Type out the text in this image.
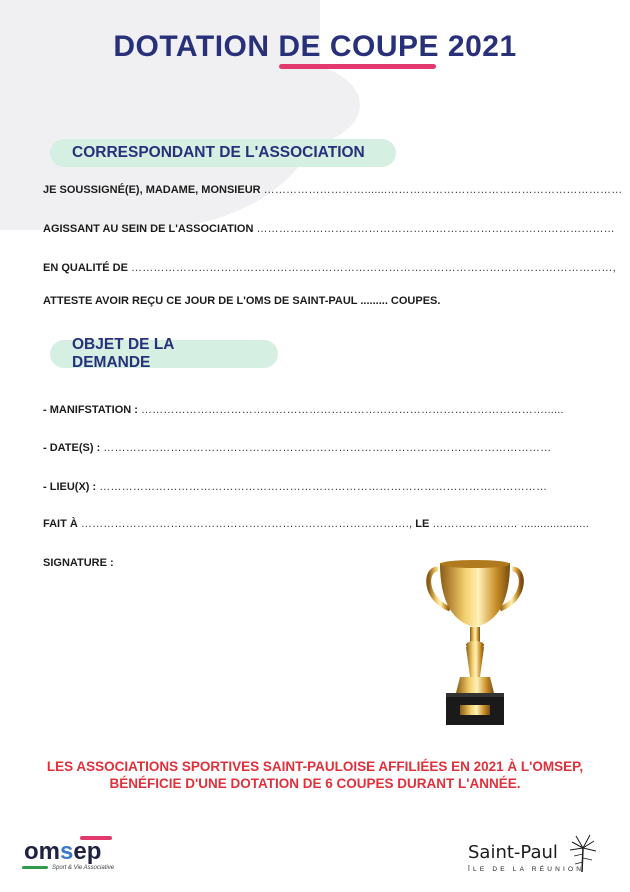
DOTATION DE COUPE 2021
CORRESPONDANT DE L'ASSOCIATION
JE SOUSSIGNÉ(E), MADAME, MONSIEUR ……………………….......………………………………………………………
AGISSANT AU SEIN DE L'ASSOCIATION ……………………………………………………………………………………
EN QUALITÉ DE …………………………………………………………………………………………………………………,
ATTESTE AVOIR REÇU CE JOUR DE L'OMS DE SAINT-PAUL ......... COUPES.
OBJET DE LA DEMANDE
- MANIFSTATION : ………………………………………………………………………………………………......
- DATE(S) : …………………………………………………………………………………………………………
- LIEU(X) : …………………………………………………………………………………………………………
FAIT À ……………………………………………………………………………., LE ………………….. .....................
SIGNATURE :
LES ASSOCIATIONS SPORTIVES SAINT-PAULOISE AFFILIÉES EN 2021 À L'OMSEP,
BÉNÉFICIE D'UNE DOTATION DE 6 COUPES DURANT L'ANNÉE.
omsep
Sport & Vie Associative
Saint-Paul
ÎLE DE LA RÉUNION
